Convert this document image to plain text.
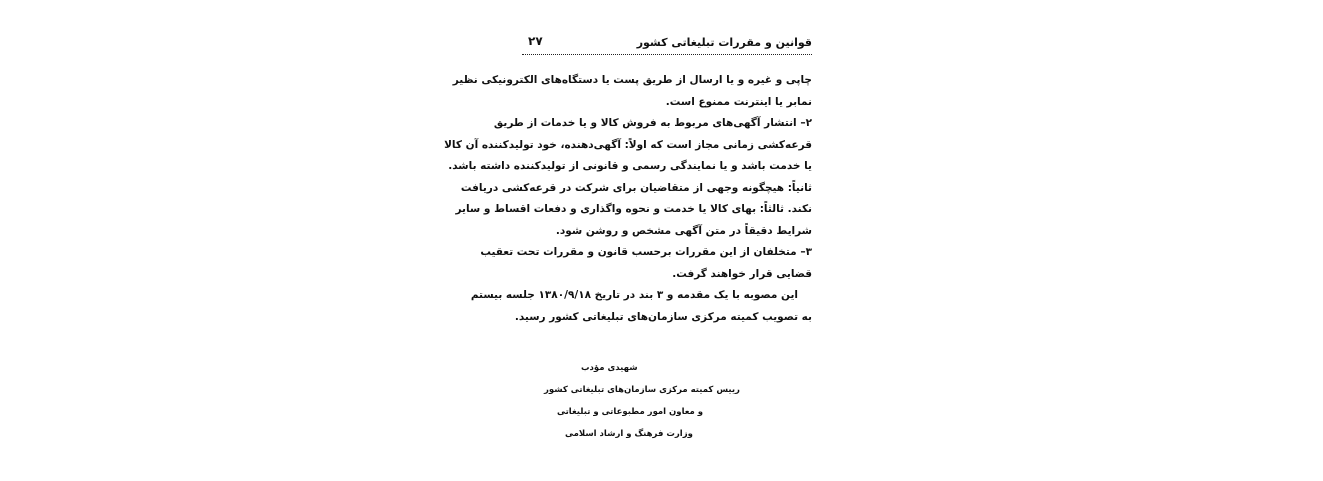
قوانین و مقررات تبلیغاتی کشور
۲۷
چاپی و غیره و یا ارسال از طریق پست یا دستگاه‌های الکترونیکی نظیر
نمابر یا اینترنت ممنوع است.
۲– انتشار آگهی‌های مربوط به فروش کالا و یا خدمات از طریق
قرعه‌کشی زمانی مجاز است که اولاً: آگهی‌دهنده، خود تولیدکننده آن کالا
یا خدمت باشد و یا نمایندگی رسمی و قانونی از تولیدکننده داشته باشد.
ثانیاً: هیچگونه وجهی از متقاضیان برای شرکت در قرعه‌کشی دریافت
نکند. ثالثاً: بهای کالا یا خدمت و نحوه واگذاری و دفعات اقساط و سایر
شرایط دقیقاً در متن آگهی مشخص و روشن شود.
۳– متخلفان از این مقررات برحسب قانون و مقررات تحت تعقیب
قضایی قرار خواهند گرفت.
این مصوبه با یک مقدمه و ۳ بند در تاریخ ۱۳۸۰/۹/۱۸ جلسه بیستم
به تصویب کمیته مرکزی سازمان‌های تبلیغاتی کشور رسید.
شهیدی مؤدب
رییس کمیته مرکزی سازمان‌های تبلیغاتی کشور
و معاون امور مطبوعاتی و تبلیغاتی
وزارت فرهنگ و ارشاد اسلامی
